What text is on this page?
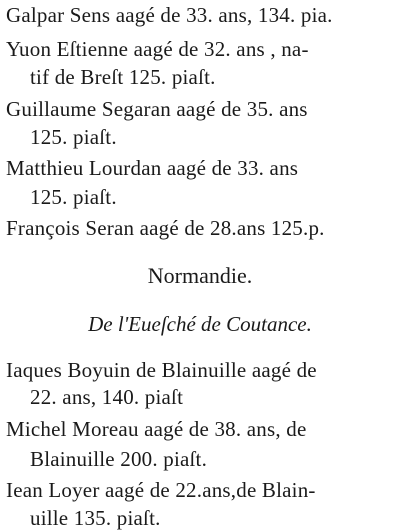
Galpar Sens aagé de 33. ans, 134. pia.
Yuon Eſtienne aagé de 32. ans , na-
tif de Breſt 125. piaſt.
Guillaume Segaran aagé de 35. ans
125. piaſt.
Matthieu Lourdan aagé de 33. ans
125. piaſt.
François Seran aagé de 28.ans 125.p.
Normandie.
De l'Eueſché de Coutance.
Iaques Boyuin de Blainuille aagé de
22. ans, 140. piaſt
Michel Moreau aagé de 38. ans, de
Blainuille 200. piaſt.
Iean Loyer aagé de 22.ans,de Blain-
uille 135. piaſt.
